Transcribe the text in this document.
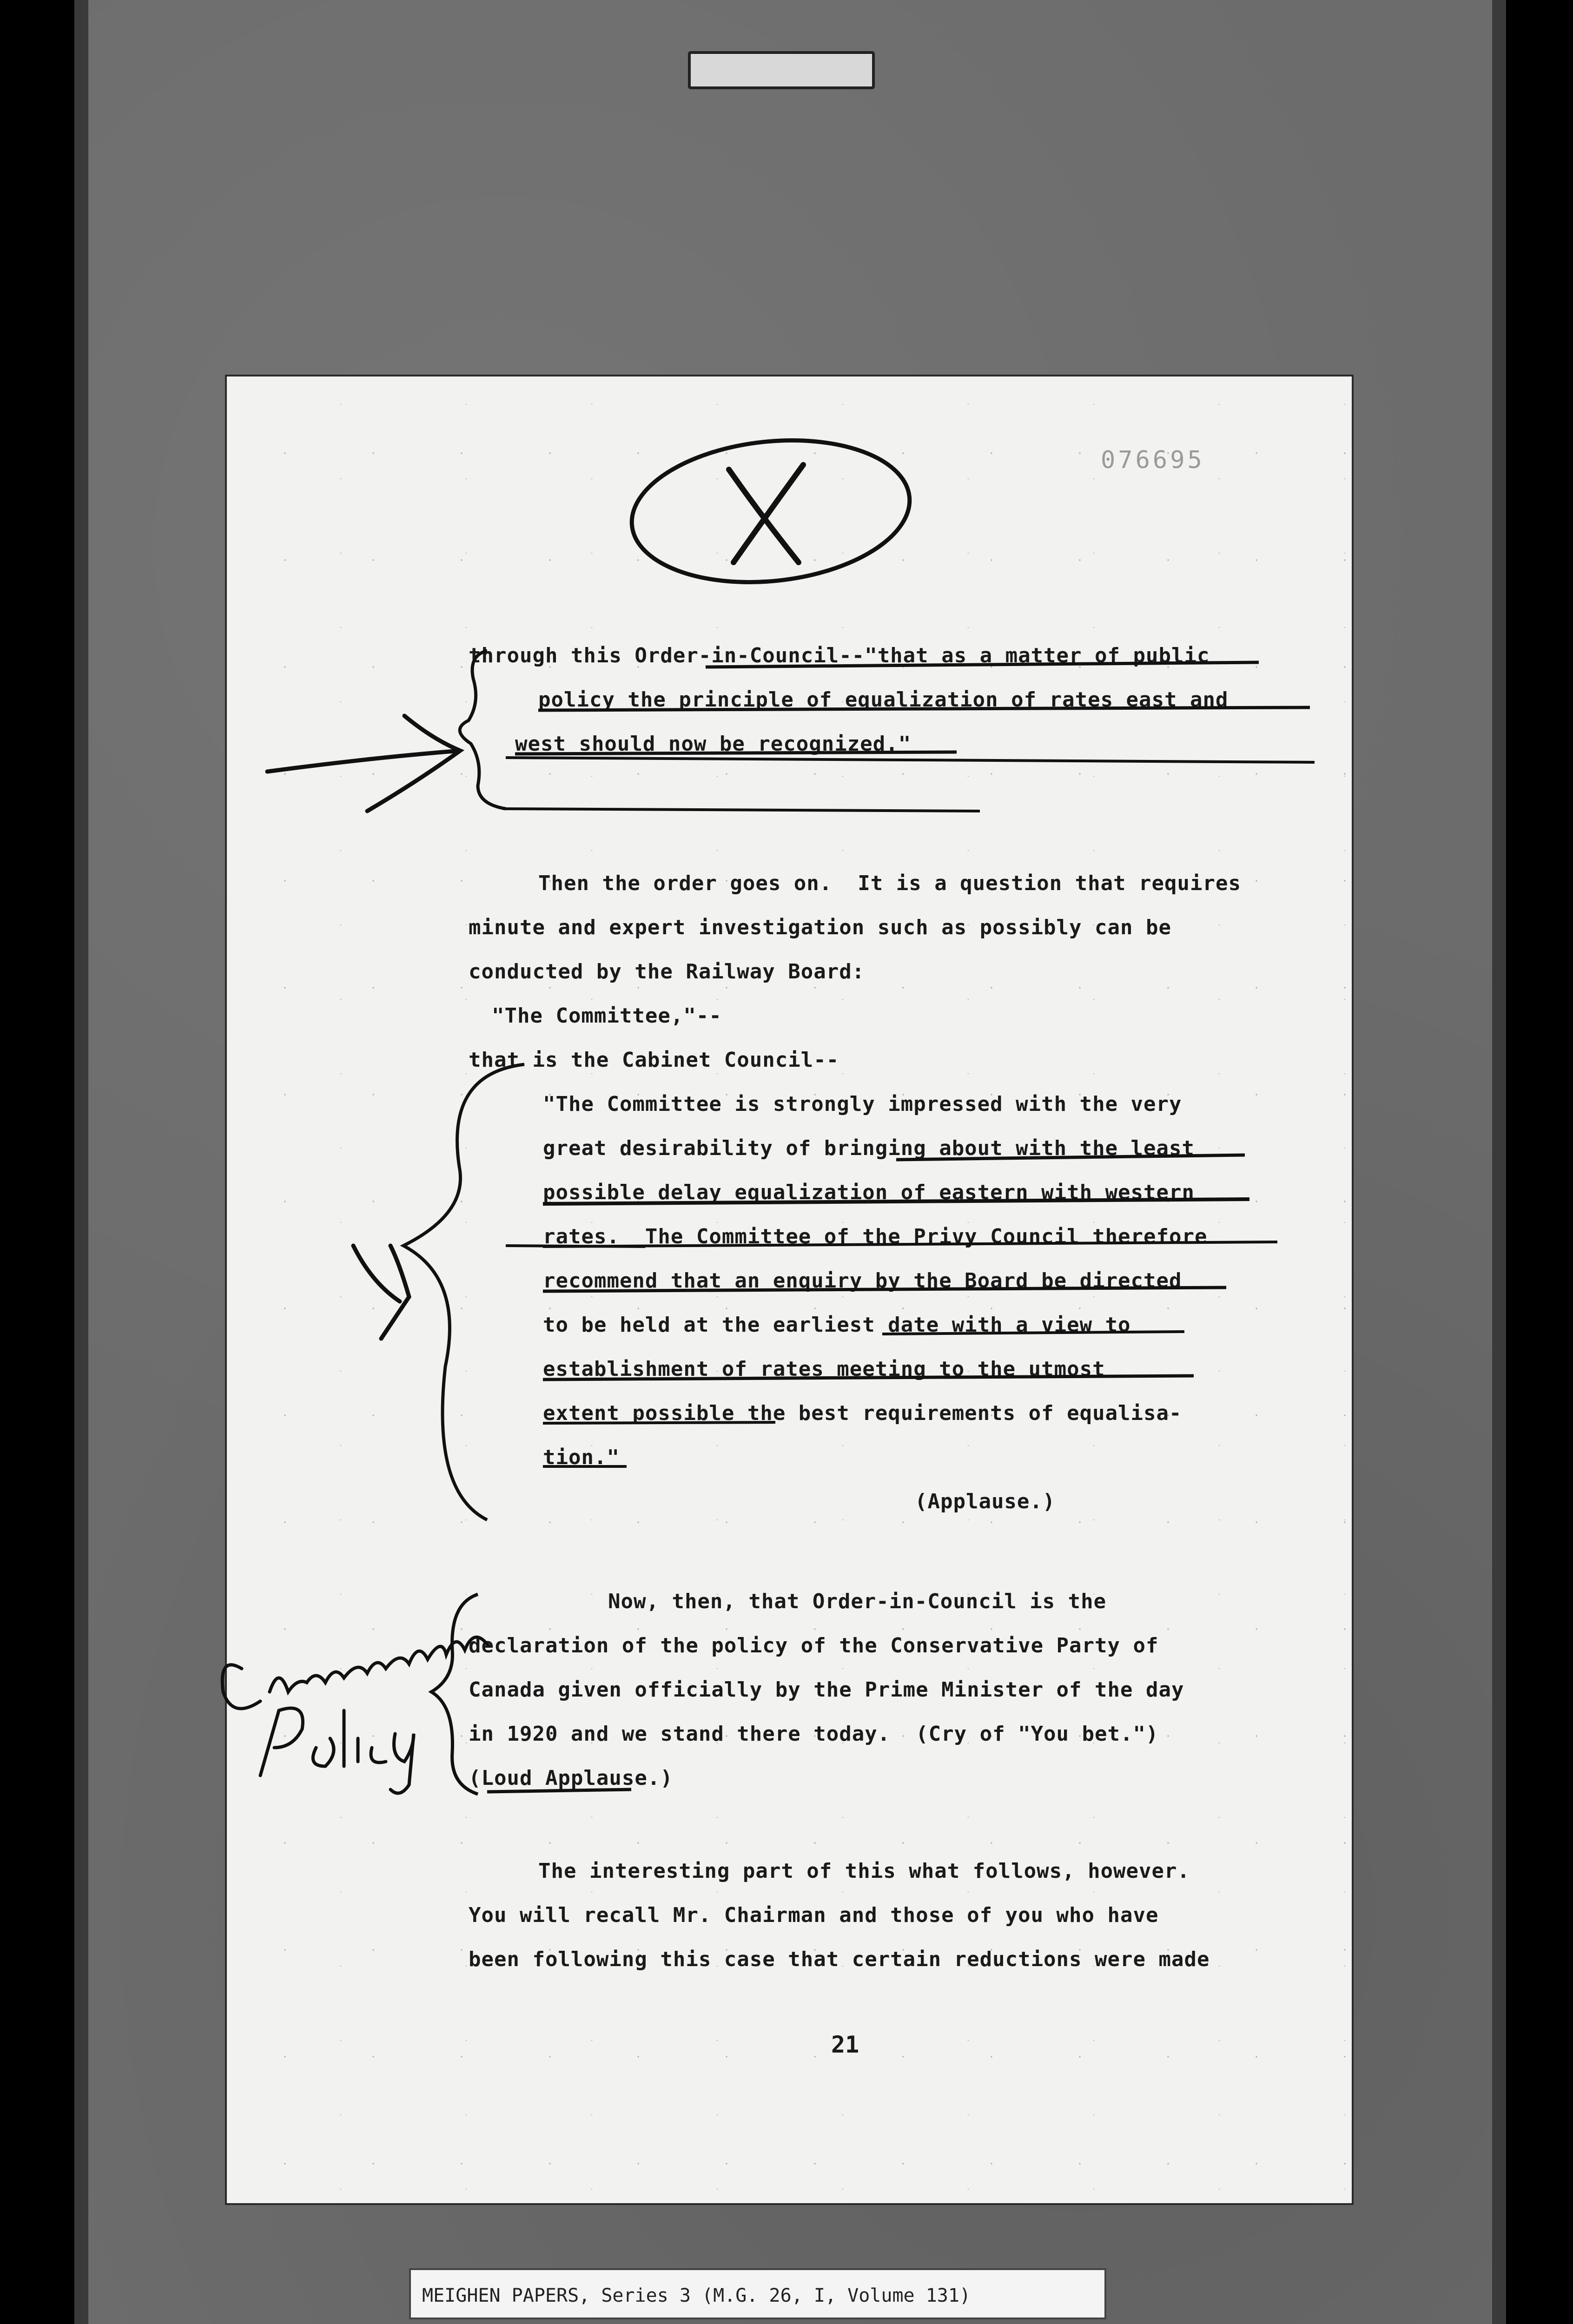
076695
through this Order-in-Council--"that as a matter of public
policy the principle of equalization of rates east and
west should now be recognized."
Then the order goes on.  It is a question that requires
minute and expert investigation such as possibly can be
conducted by the Railway Board:
"The Committee,"--
that is the Cabinet Council--
"The Committee is strongly impressed with the very
great desirability of bringing about with the least
possible delay equalization of eastern with western
rates.  The Committee of the Privy Council therefore
recommend that an enquiry by the Board be directed
to be held at the earliest date with a view to
establishment of rates meeting to the utmost
extent possible the best requirements of equalisa-
tion."
(Applause.)
Now, then, that Order-in-Council is the
declaration of the policy of the Conservative Party of
Canada given officially by the Prime Minister of the day
in 1920 and we stand there today.  (Cry of "You bet.")
(Loud Applause.)
The interesting part of this what follows, however.
You will recall Mr. Chairman and those of you who have
been following this case that certain reductions were made
21
MEIGHEN PAPERS, Series 3 (M.G. 26, I, Volume 131)
